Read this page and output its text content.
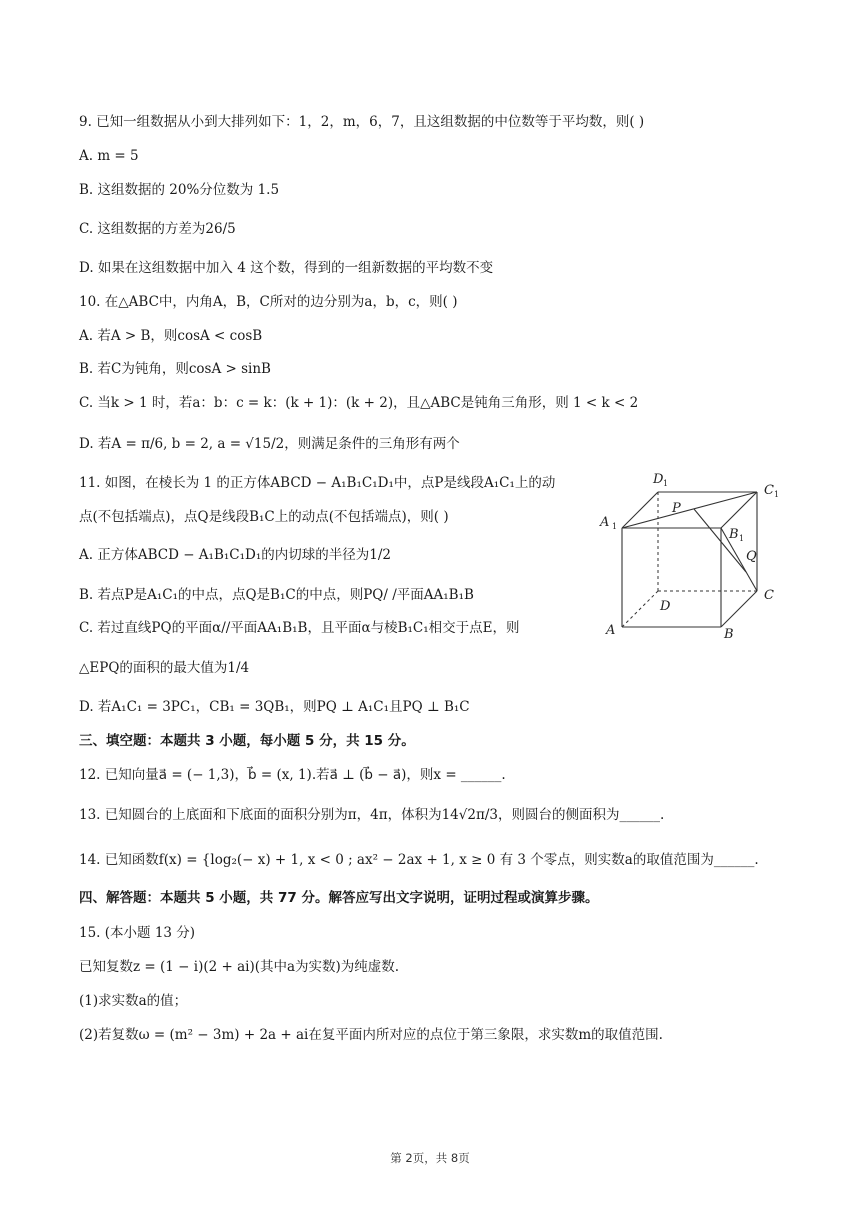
9. 已知一组数据从小到大排列如下：1，2，m，6，7，且这组数据的中位数等于平均数，则( )
A. m = 5
B. 这组数据的 20%分位数为 1.5
C. 这组数据的方差为26/5
D. 如果在这组数据中加入 4 这个数，得到的一组新数据的平均数不变
10. 在△ABC中，内角A，B，C所对的边分别为a，b，c，则( )
A. 若A > B，则cosA < cosB
B. 若C为钝角，则cosA > sinB
C. 当k > 1 时，若a：b：c = k：(k + 1)：(k + 2)，且△ABC是钝角三角形，则 1 < k < 2
D. 若A = π/6, b = 2, a = √15/2，则满足条件的三角形有两个
11. 如图，在棱长为 1 的正方体ABCD − A₁B₁C₁D₁中，点P是线段A₁C₁上的动
点(不包括端点)，点Q是线段B₁C上的动点(不包括端点)，则( )
A. 正方体ABCD − A₁B₁C₁D₁的内切球的半径为1/2
B. 若点P是A₁C₁的中点，点Q是B₁C的中点，则PQ/ /平面AA₁B₁B
C. 若过直线PQ的平面α//平面AA₁B₁B，且平面α与棱B₁C₁相交于点E，则
△EPQ的面积的最大值为1/4
D. 若A₁C₁ = 3PC₁，CB₁ = 3QB₁，则PQ ⊥ A₁C₁且PQ ⊥ B₁C
三、填空题：本题共 3 小题，每小题 5 分，共 15 分。
12. 已知向量a⃗ = (− 1,3)，b⃗ = (x, 1).若a⃗ ⊥ (b⃗ − a⃗)，则x = ______.
13. 已知圆台的上底面和下底面的面积分别为π，4π，体积为14√2π/3，则圆台的侧面积为______.
14. 已知函数f(x) = {log₂(− x) + 1, x < 0 ; ax² − 2ax + 1, x ≥ 0 有 3 个零点，则实数a的取值范围为______.
四、解答题：本题共 5 小题，共 77 分。解答应写出文字说明，证明过程或演算步骤。
15. (本小题 13 分)
已知复数z = (1 − i)(2 + ai)(其中a为实数)为纯虚数.
(1)求实数a的值；
(2)若复数ω = (m² − 3m) + 2a + ai在复平面内所对应的点位于第三象限，求实数m的取值范围.
A	B
C
D
A 1
B 1
C 1
D 1
P
Q
第 2页，共 8页
